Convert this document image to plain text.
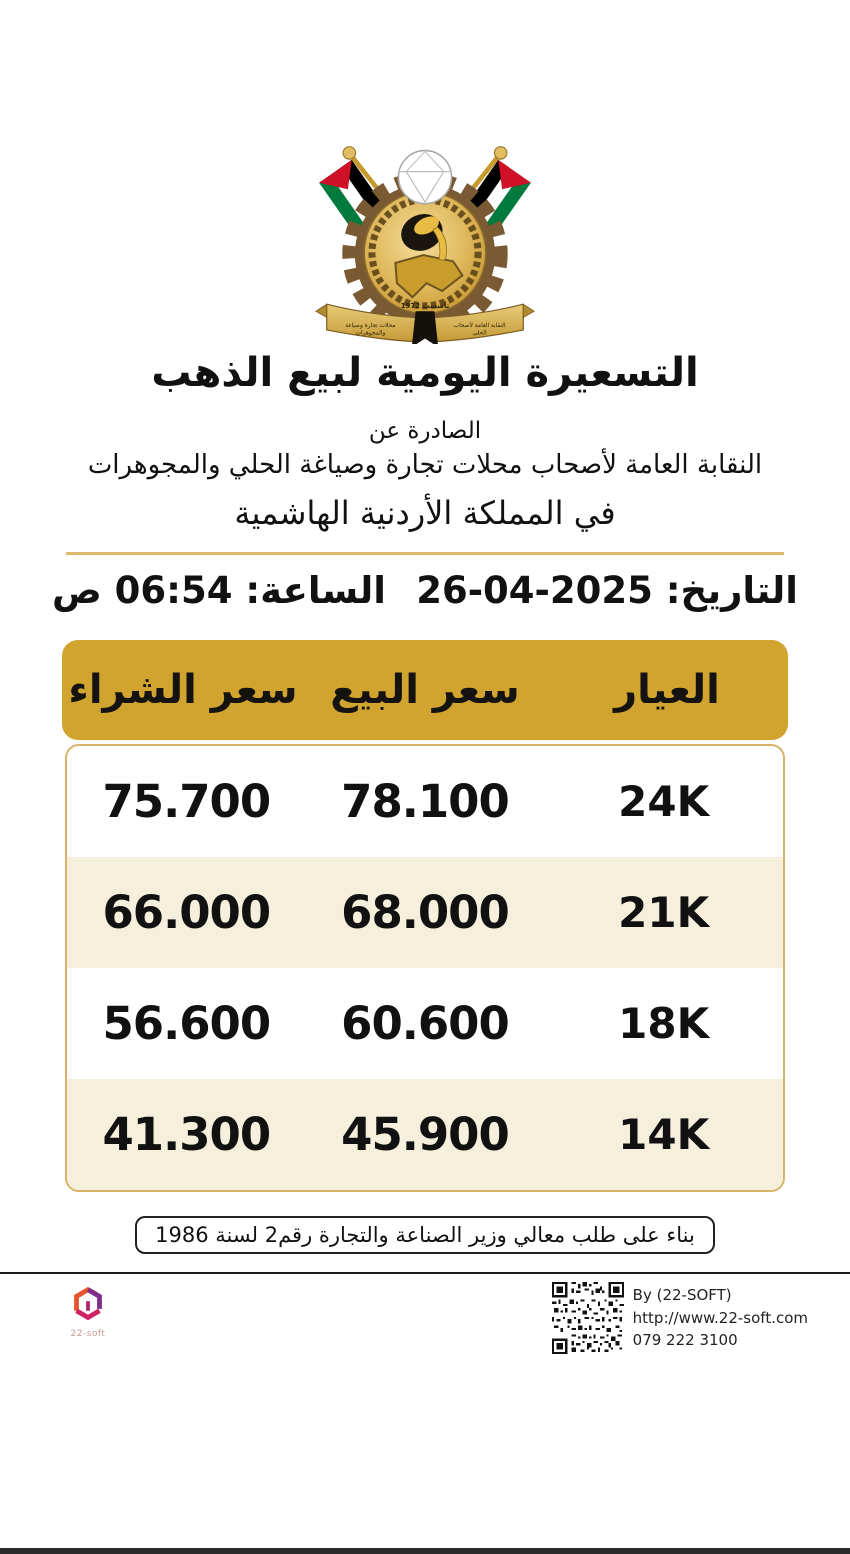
تأسست 1972
محلات تجارة وصياغة
والمجوهرات
النقابة العامة لأصحاب
الحلي
التسعيرة اليومية لبيع الذهب
الصادرة عن
النقابة العامة لأصحاب محلات تجارة وصياغة الحلي والمجوهرات
في المملكة الأردنية الهاشمية
التاريخ: 26-04-2025
الساعة: 06:54 ص
العيار
سعر البيع
سعر الشراء
24K
78.100
75.700
21K
68.000
66.000
18K
60.600
56.600
14K
45.900
41.300
بناء على طلب معالي وزير الصناعة والتجارة رقم2 لسنة 1986
22-soft
By (22-SOFT)
http://www.22-soft.com
079 222 3100
